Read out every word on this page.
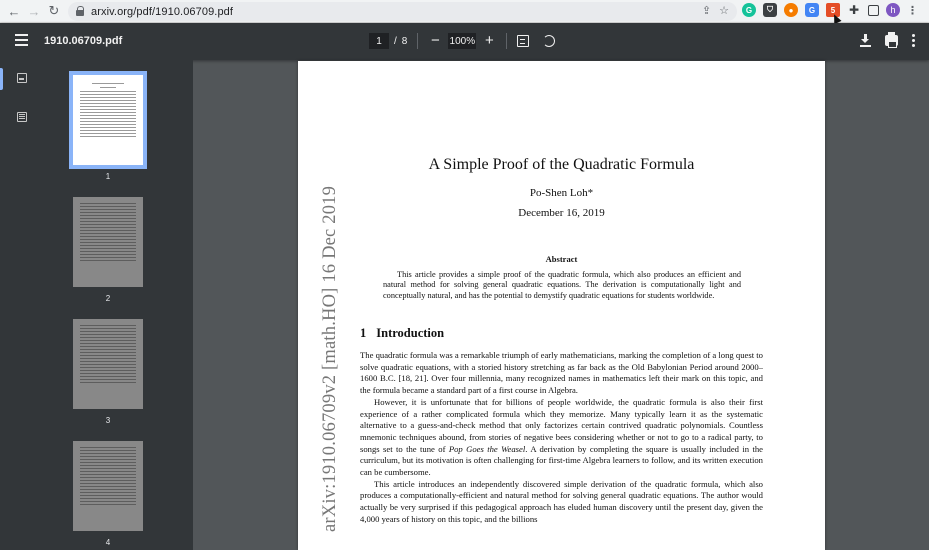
← → ↻	arxiv.org/pdf/1910.06709.pdf	⇪ ☆	G	⛉	●	G	5	✚	h	⋮
1910.06709.pdf	1	/ 8 − 100% +
1
2
3
4
arXiv:1910.06709v2 [math.HO] 16 Dec 2019
A Simple Proof of the Quadratic Formula
Po-Shen Loh*
December 16, 2019
Abstract
This article provides a simple proof of the quadratic formula, which also produces an efficient and natural method for solving general quadratic equations. The derivation is computationally light and conceptually natural, and has the potential to demystify quadratic equations for students worldwide.
1 Introduction

The quadratic formula was a remarkable triumph of early mathematicians, marking the completion of a long quest to solve quadratic equations, with a storied history stretching as far back as the Old Babylonian Period around 2000–1600 B.C. [18, 21]. Over four millennia, many recognized names in mathematics left their mark on this topic, and the formula became a standard part of a first course in Algebra.

However, it is unfortunate that for billions of people worldwide, the quadratic formula is also their first experience of a rather complicated formula which they memorize. Many typically learn it as the systematic alternative to a guess-and-check method that only factorizes certain contrived quadratic polynomials. Countless mnemonic techniques abound, from stories of negative bees considering whether or not to go to a radical party, to songs set to the tune of Pop Goes the Weasel. A derivation by completing the square is usually included in the curriculum, but its motivation is often challenging for first-time Algebra learners to follow, and its written execution can be cumbersome.

This article introduces an independently discovered simple derivation of the quadratic formula, which also produces a computationally-efficient and natural method for solving general quadratic equations. The author would actually be very surprised if this pedagogical approach has eluded human discovery until the present day, given the 4,000 years of history on this topic, and the billions
